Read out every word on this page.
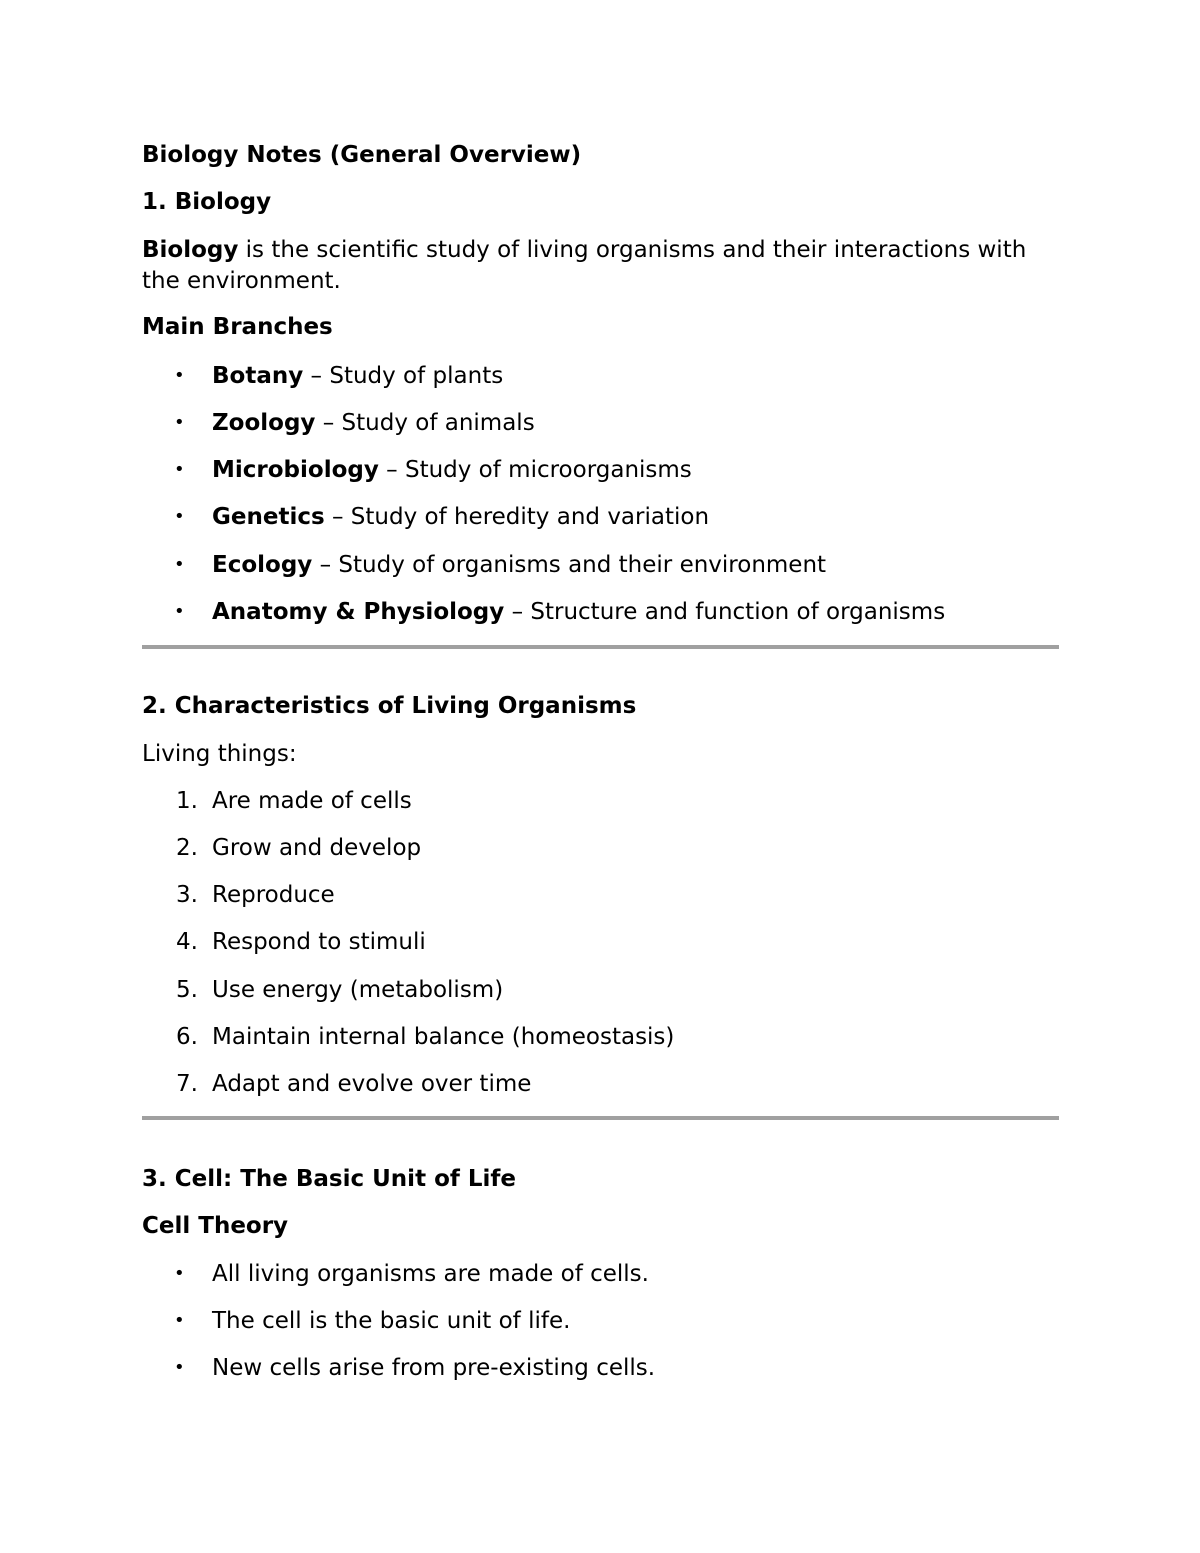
Biology Notes (General Overview)
1. Biology
Biology is the scientific study of living organisms and their interactions with
the environment.
Main Branches
• Botany – Study of plants
• Zoology – Study of animals
• Microbiology – Study of microorganisms
• Genetics – Study of heredity and variation
• Ecology – Study of organisms and their environment
• Anatomy & Physiology – Structure and function of organisms
2. Characteristics of Living Organisms
Living things:
1. Are made of cells
2. Grow and develop
3. Reproduce
4. Respond to stimuli
5. Use energy (metabolism)
6. Maintain internal balance (homeostasis)
7. Adapt and evolve over time
3. Cell: The Basic Unit of Life
Cell Theory
• All living organisms are made of cells.
• The cell is the basic unit of life.
• New cells arise from pre-existing cells.
